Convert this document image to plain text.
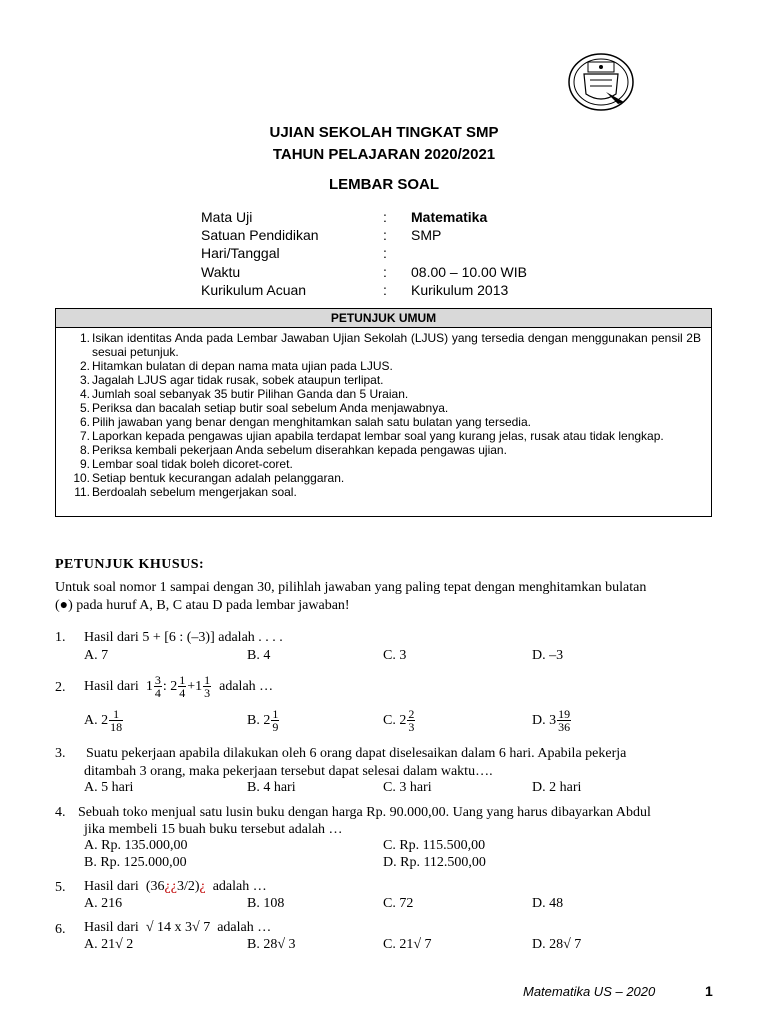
UJIAN SEKOLAH TINGKAT SMP
TAHUN PELAJARAN 2020/2021
LEMBAR SOAL
Mata Uji	: Matematika
Satuan Pendidikan	: SMP
Hari/Tanggal	:
Waktu	: 08.00 – 10.00 WIB
Kurikulum Acuan	: Kurikulum 2013
PETUNJUK UMUM
1. Isikan identitas Anda pada Lembar Jawaban Ujian Sekolah (LJUS) yang tersedia dengan menggunakan pensil 2B sesuai petunjuk.
2. Hitamkan bulatan di depan nama mata ujian pada LJUS.
3. Jagalah LJUS agar tidak rusak, sobek ataupun terlipat.
4. Jumlah soal sebanyak 35 butir Pilihan Ganda dan 5 Uraian.
5. Periksa dan bacalah setiap butir soal sebelum Anda menjawabnya.
6. Pilih jawaban yang benar dengan menghitamkan salah satu bulatan yang tersedia.
7. Laporkan kepada pengawas ujian apabila terdapat lembar soal yang kurang jelas, rusak atau tidak lengkap.
8. Periksa kembali pekerjaan Anda sebelum diserahkan kepada pengawas ujian.
9. Lembar soal tidak boleh dicoret-coret.
10. Setiap bentuk kecurangan adalah pelanggaran.
11. Berdoalah sebelum mengerjakan soal.
PETUNJUK KHUSUS:
Untuk soal nomor 1 sampai dengan 30, pilihlah jawaban yang paling tepat dengan menghitamkan bulatan
(●) pada huruf A, B, C atau D pada lembar jawaban!
1. Hasil dari 5 + [6 : (–3)] adalah . . . .
A. 7	B. 4	C. 3	D. –3
2. Hasil dari $1 \frac{3}{4}$ : $2 \frac{1}{4} +1 \frac{1}{3}$ adalah …
A. $2 \frac{1}{18}$	B. $2 \frac{1}{9}$	C. $2 \frac{2}{3}$	D. $3 \frac{19}{36}$
3. Suatu pekerjaan apabila dilakukan oleh 6 orang dapat diselesaikan dalam 6 hari. Apabila pekerja
ditambah 3 orang, maka pekerjaan tersebut dapat selesai dalam waktu….
A. 5 hari	B. 4 hari	C. 3 hari	D. 2 hari
4. Sebuah toko menjual satu lusin buku dengan harga Rp. 90.000,00. Uang yang harus dibayarkan Abdul
jika membeli 15 buah buku tersebut adalah …
A. Rp. 135.000,00	C. Rp. 115.500,00
B. Rp. 125.000,00	D. Rp. 112.500,00
5. Hasil dari (36¿¿3/2)¿ adalah …
A. 216	B. 108	C. 72	D. 48
6. Hasil dari √ 14 x 3√ 7 adalah …
A. 21√ 2	B. 28√ 3	C. 21√ 7	D. 28√ 7
Matematika US – 2020	1
